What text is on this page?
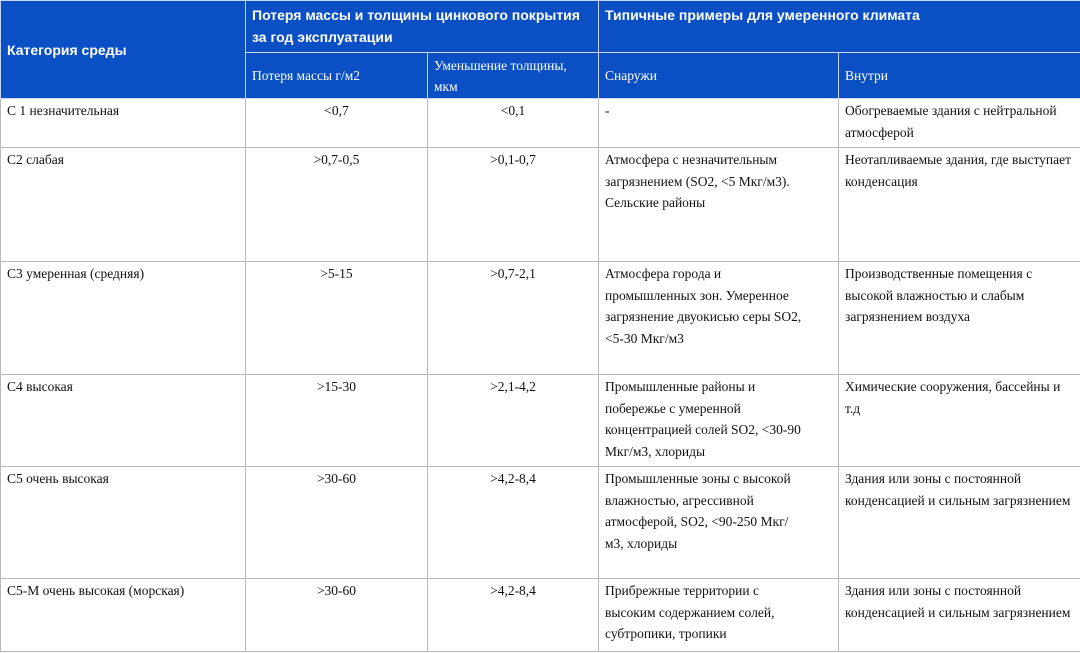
Категория среды	Потеря массы и толщины цинкового покрытия за год эксплуатации		Типичные примеры для умеренного климата	
	Потеря массы г/м2	Уменьшение толщины, мкм	Снаружи	Внутри
С 1 незначительная	<0,7	<0,1	-	Обогреваемые здания с нейтральной атмосферой
С2 слабая	>0,7-0,5	>0,1-0,7	Атмосфера с незначительным загрязнением (SO2, <5 Мкг/м3). Сельские районы	Неотапливаемые здания, где выступает конденсация
С3 умеренная (средняя)	>5-15	>0,7-2,1	Атмосфера города и промышленных зон. Умеренное загрязнение двуокисью серы SO2, <5-30 Мкг/м3	Производственные помещения с высокой влажностью и слабым загрязнением воздуха
С4 высокая	>15-30	>2,1-4,2	Промышленные районы и побережье с умеренной концентрацией солей SO2, <30-90 Мкг/м3, хлориды	Химические сооружения, бассейны и т.д
С5 очень высокая	>30-60	>4,2-8,4	Промышленные зоны с высокой влажностью, агрессивной атмосферой, SO2, <90-250 Мкг/м3, хлориды	Здания или зоны с постоянной конденсацией и сильным загрязнением
С5-М очень высокая (морская)	>30-60	>4,2-8,4	Прибрежные территории с высоким содержанием солей, субтропики, тропики	Здания или зоны с постоянной конденсацией и сильным загрязнением
